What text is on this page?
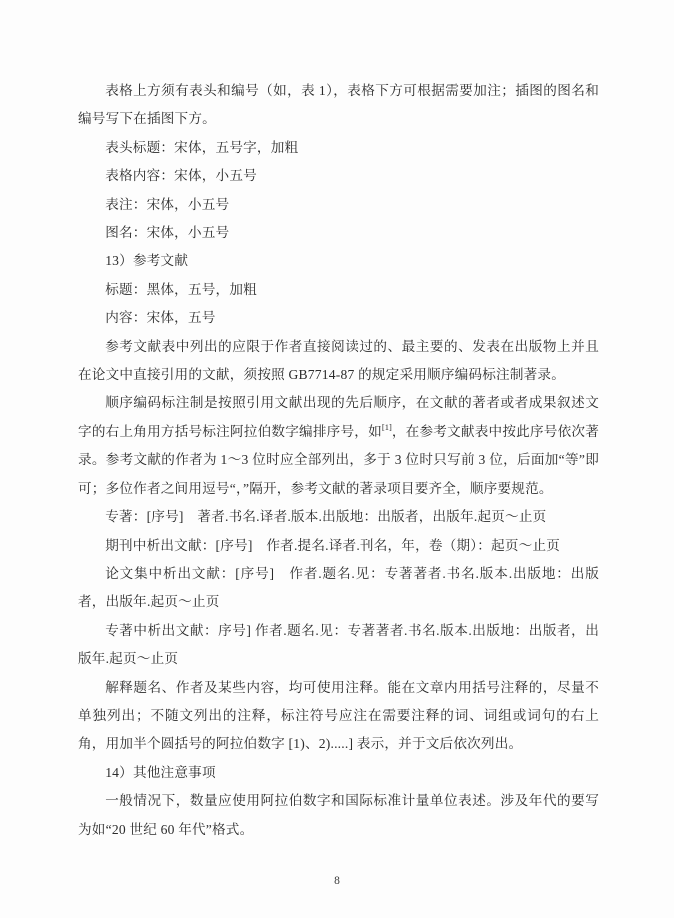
表格上方须有表头和编号（如，表 1），表格下方可根据需要加注；插图的图名和编号写下在插图下方。

表头标题：宋体，五号字，加粗

表格内容：宋体，小五号

表注：宋体，小五号

图名：宋体，小五号

13）参考文献

标题：黑体，五号，加粗

内容：宋体，五号

参考文献表中列出的应限于作者直接阅读过的、最主要的、发表在出版物上并且在论文中直接引用的文献，须按照 GB7714-87 的规定采用顺序编码标注制著录。

顺序编码标注制是按照引用文献出现的先后顺序，在文献的著者或者成果叙述文字的右上角用方括号标注阿拉伯数字编排序号，如[1]，在参考文献表中按此序号依次著录。参考文献的作者为 1～3 位时应全部列出，多于 3 位时只写前 3 位，后面加“等”即可；多位作者之间用逗号“，”隔开，参考文献的著录项目要齐全，顺序要规范。

专著：[序号]　著者.书名.译者.版本.出版地：出版者，出版年.起页～止页

期刊中析出文献：[序号]　作者.提名.译者.刊名，年，卷（期）：起页～止页

论文集中析出文献：[序号]　作者.题名.见：专著著者.书名.版本.出版地：出版者，出版年.起页～止页

专著中析出文献：序号] 作者.题名.见：专著著者.书名.版本.出版地：出版者，出版年.起页～止页

解释题名、作者及某些内容，均可使用注释。能在文章内用括号注释的，尽量不单独列出；不随文列出的注释，标注符号应注在需要注释的词、词组或词句的右上角，用加半个圆括号的阿拉伯数字 [1)、2).....] 表示，并于文后依次列出。

14）其他注意事项

一般情况下，数量应使用阿拉伯数字和国际标准计量单位表述。涉及年代的要写为如“20 世纪 60 年代”格式。

8
